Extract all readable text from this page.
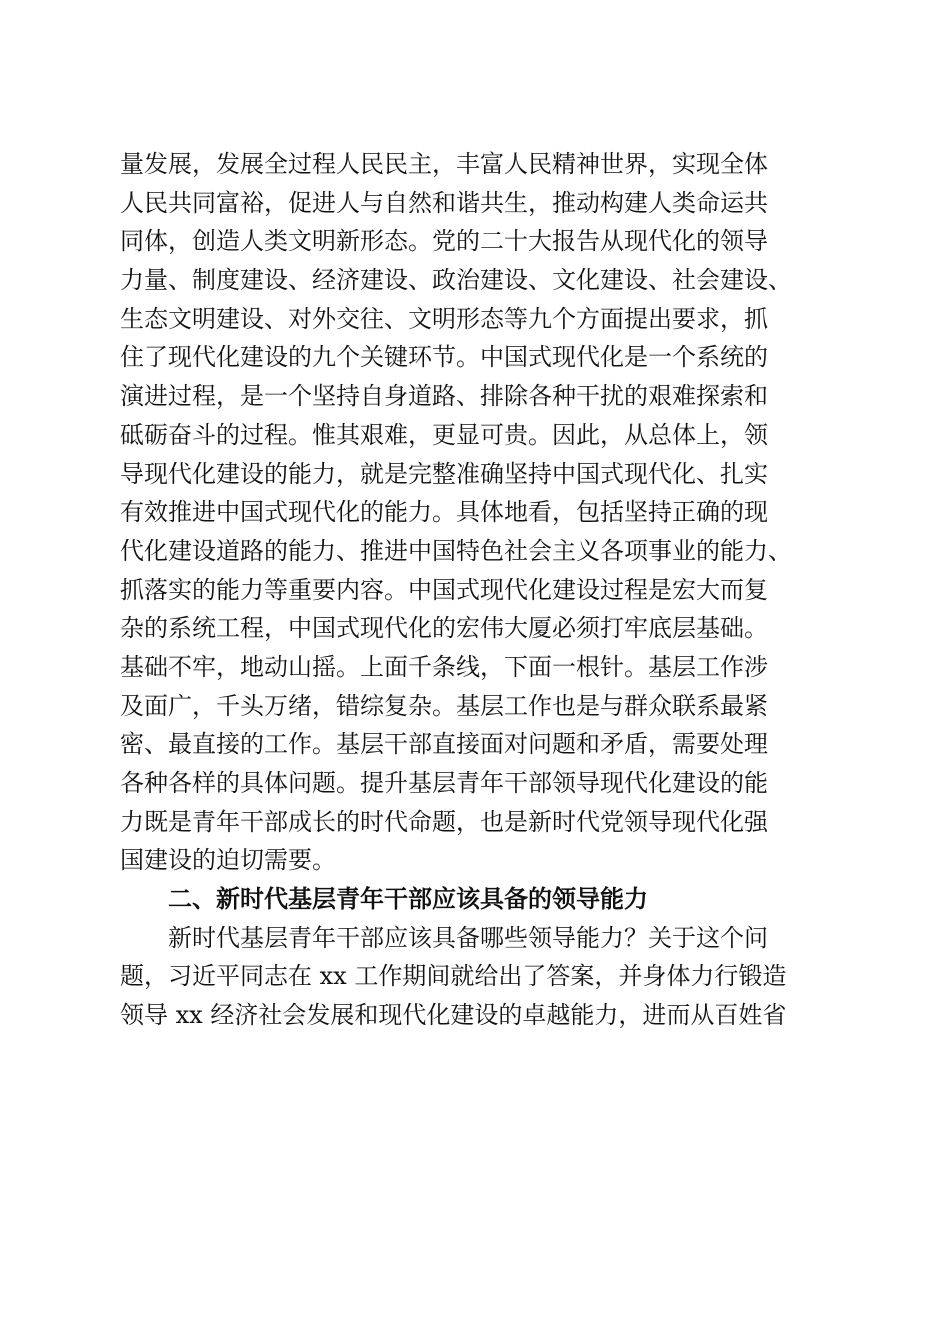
量发展，发展全过程人民民主，丰富人民精神世界，实现全体
人民共同富裕，促进人与自然和谐共生，推动构建人类命运共
同体，创造人类文明新形态。党的二十大报告从现代化的领导
力量、制度建设、经济建设、政治建设、文化建设、社会建设、
生态文明建设、对外交往、文明形态等九个方面提出要求，抓
住了现代化建设的九个关键环节。中国式现代化是一个系统的
演进过程，是一个坚持自身道路、排除各种干扰的艰难探索和
砥砺奋斗的过程。惟其艰难，更显可贵。因此，从总体上，领
导现代化建设的能力，就是完整准确坚持中国式现代化、扎实
有效推进中国式现代化的能力。具体地看，包括坚持正确的现
代化建设道路的能力、推进中国特色社会主义各项事业的能力、
抓落实的能力等重要内容。中国式现代化建设过程是宏大而复
杂的系统工程，中国式现代化的宏伟大厦必须打牢底层基础。
基础不牢，地动山摇。上面千条线，下面一根针。基层工作涉
及面广，千头万绪，错综复杂。基层工作也是与群众联系最紧
密、最直接的工作。基层干部直接面对问题和矛盾，需要处理
各种各样的具体问题。提升基层青年干部领导现代化建设的能
力既是青年干部成长的时代命题，也是新时代党领导现代化强
国建设的迫切需要。
二、新时代基层青年干部应该具备的领导能力
新时代基层青年干部应该具备哪些领导能力？关于这个问
题，习近平同志在 xx 工作期间就给出了答案，并身体力行锻造
领导 xx 经济社会发展和现代化建设的卓越能力，进而从百姓省
